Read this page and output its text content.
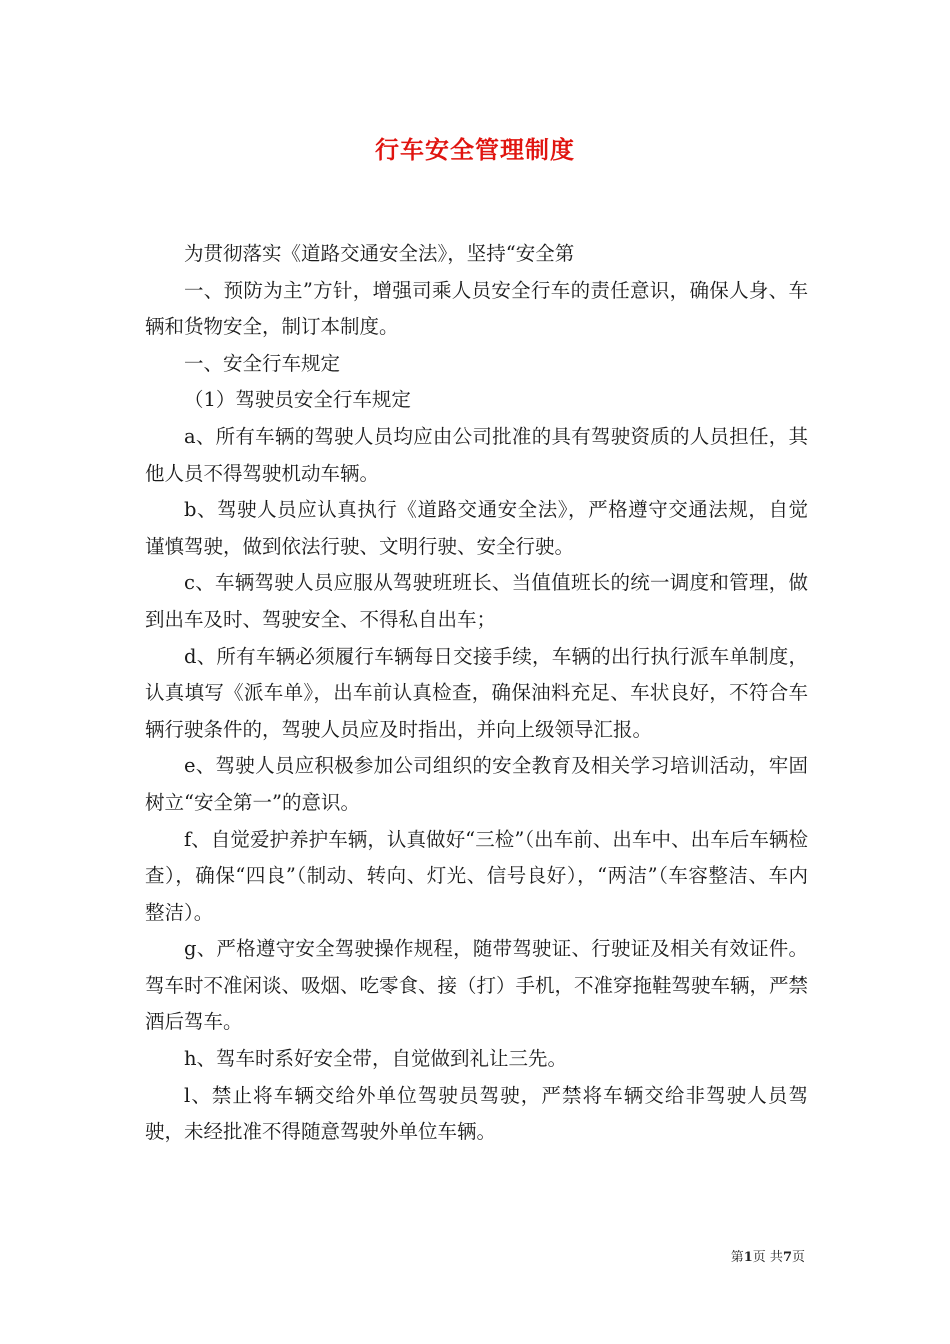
行车安全管理制度

为贯彻落实《道路交通安全法》，坚持“安全第

一、预防为主”方针，增强司乘人员安全行车的责任意识，确保人身、车辆和货物安全，制订本制度。

一、安全行车规定

（1）驾驶员安全行车规定

a、所有车辆的驾驶人员均应由公司批准的具有驾驶资质的人员担任，其他人员不得驾驶机动车辆。

b、驾驶人员应认真执行《道路交通安全法》，严格遵守交通法规，自觉谨慎驾驶，做到依法行驶、文明行驶、安全行驶。

c、车辆驾驶人员应服从驾驶班班长、当值值班长的统一调度和管理，做到出车及时、驾驶安全、不得私自出车；

d、所有车辆必须履行车辆每日交接手续，车辆的出行执行派车单制度，认真填写《派车单》，出车前认真检查，确保油料充足、车状良好，不符合车辆行驶条件的，驾驶人员应及时指出，并向上级领导汇报。

e、驾驶人员应积极参加公司组织的安全教育及相关学习培训活动，牢固树立“安全第一”的意识。

f、自觉爱护养护车辆，认真做好“三检”（出车前、出车中、出车后车辆检查），确保“四良”（制动、转向、灯光、信号良好），“两洁”（车容整洁、车内整洁）。

g、严格遵守安全驾驶操作规程，随带驾驶证、行驶证及相关有效证件。驾车时不准闲谈、吸烟、吃零食、接（打）手机，不准穿拖鞋驾驶车辆，严禁酒后驾车。

h、驾车时系好安全带，自觉做到礼让三先。

l、禁止将车辆交给外单位驾驶员驾驶，严禁将车辆交给非驾驶人员驾驶，未经批准不得随意驾驶外单位车辆。

第1页 共7页
